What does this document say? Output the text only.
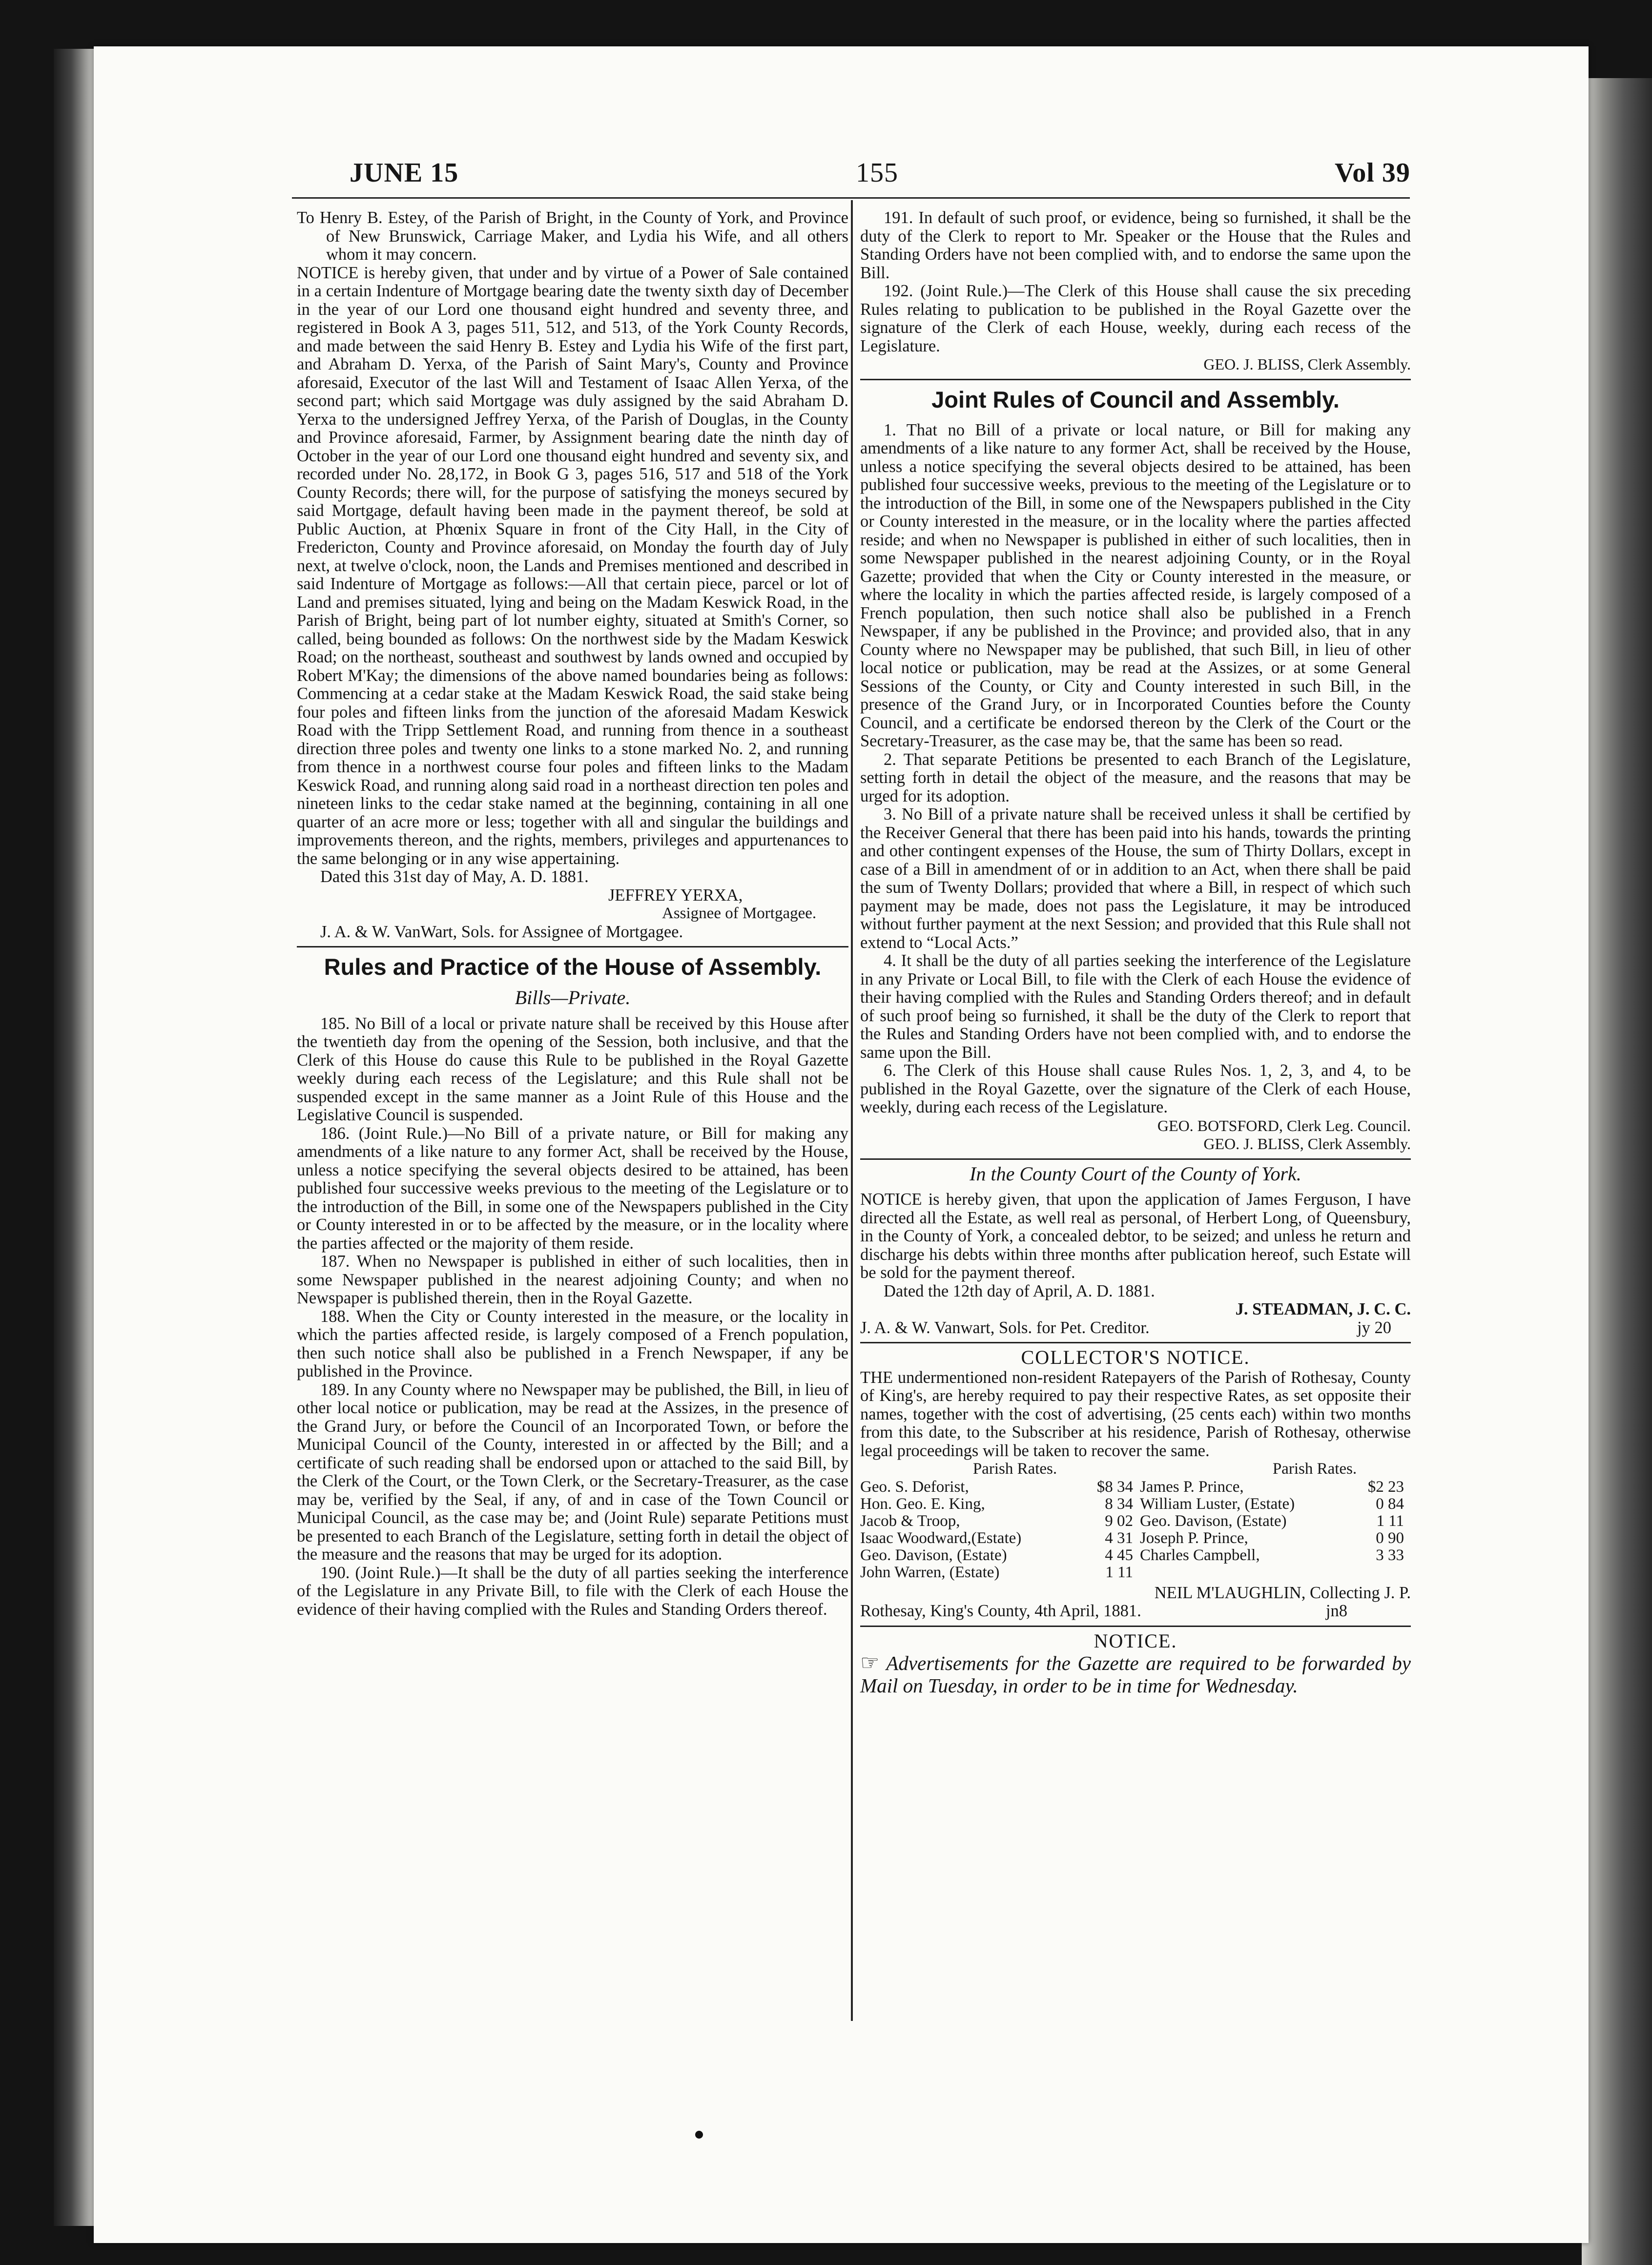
JUNE 15	155	Vol 39

To Henry B. Estey, of the Parish of Bright, in the County of York, and Province of New Brunswick, Carriage Maker, and Lydia his Wife, and all others whom it may concern.

NOTICE is hereby given, that under and by virtue of a Power of Sale contained in a certain Indenture of Mortgage bearing date the twenty sixth day of December in the year of our Lord one thousand eight hundred and seventy three, and registered in Book A 3, pages 511, 512, and 513, of the York County Records, and made between the said Henry B. Estey and Lydia his Wife of the first part, and Abraham D. Yerxa, of the Parish of Saint Mary's, County and Province aforesaid, Executor of the last Will and Testament of Isaac Allen Yerxa, of the second part; which said Mortgage was duly assigned by the said Abraham D. Yerxa to the undersigned Jeffrey Yerxa, of the Parish of Douglas, in the County and Province aforesaid, Farmer, by Assignment bearing date the ninth day of October in the year of our Lord one thousand eight hundred and seventy six, and recorded under No. 28,172, in Book G 3, pages 516, 517 and 518 of the York County Records; there will, for the purpose of satisfying the moneys secured by said Mortgage, default having been made in the payment thereof, be sold at Public Auction, at Phœnix Square in front of the City Hall, in the City of Fredericton, County and Province aforesaid, on Monday the fourth day of July next, at twelve o'clock, noon, the Lands and Premises mentioned and described in said Indenture of Mortgage as follows:—All that certain piece, parcel or lot of Land and premises situated, lying and being on the Madam Keswick Road, in the Parish of Bright, being part of lot number eighty, situated at Smith's Corner, so called, being bounded as follows: On the northwest side by the Madam Keswick Road; on the northeast, southeast and southwest by lands owned and occupied by Robert M'Kay; the dimensions of the above named boundaries being as follows: Commencing at a cedar stake at the Madam Keswick Road, the said stake being four poles and fifteen links from the junction of the aforesaid Madam Keswick Road with the Tripp Settlement Road, and running from thence in a southeast direction three poles and twenty one links to a stone marked No. 2, and running from thence in a northwest course four poles and fifteen links to the Madam Keswick Road, and running along said road in a northeast direction ten poles and nineteen links to the cedar stake named at the beginning, containing in all one quarter of an acre more or less; together with all and singular the buildings and improvements thereon, and the rights, members, privileges and appurtenances to the same belonging or in any wise appertaining.

Dated this 31st day of May, A. D. 1881.

JEFFREY YERXA,

Assignee of Mortgagee.

J. A. & W. VanWart, Sols. for Assignee of Mortgagee.

Rules and Practice of the House of Assembly.
Bills—Private.

185. No Bill of a local or private nature shall be received by this House after the twentieth day from the opening of the Session, both inclusive, and that the Clerk of this House do cause this Rule to be published in the Royal Gazette weekly during each recess of the Legislature; and this Rule shall not be suspended except in the same manner as a Joint Rule of this House and the Legislative Council is suspended.

186. (Joint Rule.)—No Bill of a private nature, or Bill for making any amendments of a like nature to any former Act, shall be received by the House, unless a notice specifying the several objects desired to be attained, has been published four successive weeks previous to the meeting of the Legislature or to the introduction of the Bill, in some one of the Newspapers published in the City or County interested in or to be affected by the measure, or in the locality where the parties affected or the majority of them reside.

187. When no Newspaper is published in either of such localities, then in some Newspaper published in the nearest adjoining County; and when no Newspaper is published therein, then in the Royal Gazette.

188. When the City or County interested in the measure, or the locality in which the parties affected reside, is largely composed of a French population, then such notice shall also be published in a French Newspaper, if any be published in the Province.

189. In any County where no Newspaper may be published, the Bill, in lieu of other local notice or publication, may be read at the Assizes, in the presence of the Grand Jury, or before the Council of an Incorporated Town, or before the Municipal Council of the County, interested in or affected by the Bill; and a certificate of such reading shall be endorsed upon or attached to the said Bill, by the Clerk of the Court, or the Town Clerk, or the Secretary-Treasurer, as the case may be, verified by the Seal, if any, of and in case of the Town Council or Municipal Council, as the case may be; and (Joint Rule) separate Petitions must be presented to each Branch of the Legislature, setting forth in detail the object of the measure and the reasons that may be urged for its adoption.

190. (Joint Rule.)—It shall be the duty of all parties seeking the interference of the Legislature in any Private Bill, to file with the Clerk of each House the evidence of their having complied with the Rules and Standing Orders thereof.

191. In default of such proof, or evidence, being so furnished, it shall be the duty of the Clerk to report to Mr. Speaker or the House that the Rules and Standing Orders have not been complied with, and to endorse the same upon the Bill.

192. (Joint Rule.)—The Clerk of this House shall cause the six preceding Rules relating to publication to be published in the Royal Gazette over the signature of the Clerk of each House, weekly, during each recess of the Legislature.

GEO. J. BLISS, Clerk Assembly.

Joint Rules of Council and Assembly.

1. That no Bill of a private or local nature, or Bill for making any amendments of a like nature to any former Act, shall be received by the House, unless a notice specifying the several objects desired to be attained, has been published four successive weeks, previous to the meeting of the Legislature or to the introduction of the Bill, in some one of the Newspapers published in the City or County interested in the measure, or in the locality where the parties affected reside; and when no Newspaper is published in either of such localities, then in some Newspaper published in the nearest adjoining County, or in the Royal Gazette; provided that when the City or County interested in the measure, or where the locality in which the parties affected reside, is largely composed of a French population, then such notice shall also be published in a French Newspaper, if any be published in the Province; and provided also, that in any County where no Newspaper may be published, that such Bill, in lieu of other local notice or publication, may be read at the Assizes, or at some General Sessions of the County, or City and County interested in such Bill, in the presence of the Grand Jury, or in Incorporated Counties before the County Council, and a certificate be endorsed thereon by the Clerk of the Court or the Secretary-Treasurer, as the case may be, that the same has been so read.

2. That separate Petitions be presented to each Branch of the Legislature, setting forth in detail the object of the measure, and the reasons that may be urged for its adoption.

3. No Bill of a private nature shall be received unless it shall be certified by the Receiver General that there has been paid into his hands, towards the printing and other contingent expenses of the House, the sum of Thirty Dollars, except in case of a Bill in amendment of or in addition to an Act, when there shall be paid the sum of Twenty Dollars; provided that where a Bill, in respect of which such payment may be made, does not pass the Legislature, it may be introduced without further payment at the next Session; and provided that this Rule shall not extend to “Local Acts.”

4. It shall be the duty of all parties seeking the interference of the Legislature in any Private or Local Bill, to file with the Clerk of each House the evidence of their having complied with the Rules and Standing Orders thereof; and in default of such proof being so furnished, it shall be the duty of the Clerk to report that the Rules and Standing Orders have not been complied with, and to endorse the same upon the Bill.

6. The Clerk of this House shall cause Rules Nos. 1, 2, 3, and 4, to be published in the Royal Gazette, over the signature of the Clerk of each House, weekly, during each recess of the Legislature.

GEO. BOTSFORD, Clerk Leg. Council.

GEO. J. BLISS, Clerk Assembly.

In the County Court of the County of York.

NOTICE is hereby given, that upon the application of James Ferguson, I have directed all the Estate, as well real as personal, of Herbert Long, of Queensbury, in the County of York, a concealed debtor, to be seized; and unless he return and discharge his debts within three months after publication hereof, such Estate will be sold for the payment thereof.

Dated the 12th day of April, A. D. 1881.

J. STEADMAN, J. C. C.

J. A. & W. Vanwart, Sols. for Pet. Creditor.	jy 20

COLLECTOR'S NOTICE.

THE undermentioned non-resident Ratepayers of the Parish of Rothesay, County of King's, are hereby required to pay their respective Rates, as set opposite their names, together with the cost of advertising, (25 cents each) within two months from this date, to the Subscriber at his residence, Parish of Rothesay, otherwise legal proceedings will be taken to recover the same.

Parish Rates.	Parish Rates.
Geo. S. Deforist,	$8 34	James P. Prince,	$2 23
Hon. Geo. E. King,	8 34	William Luster, (Estate)	0 84
Jacob & Troop,	9 02	Geo. Davison, (Estate)	1 11
Isaac Woodward,(Estate)	4 31	Joseph P. Prince,	0 90
Geo. Davison, (Estate)	4 45	Charles Campbell,	3 33
John Warren, (Estate)	1 11		

NEIL M'LAUGHLIN, Collecting J. P.

Rothesay, King's County, 4th April, 1881.	jn8

NOTICE.

☞ Advertisements for the Gazette are required to be forwarded by Mail on Tuesday, in order to be in time for Wednesday.
